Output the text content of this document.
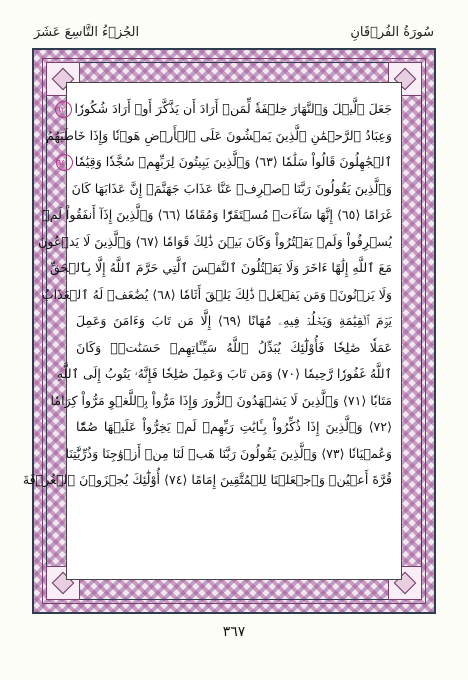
سُورَةُ الفُرۡقَانِ
الجُزۡءُ التَّاسِعَ عَشَرَ

جَعَلَ ٱلَّيۡلَ وَٱلنَّهَارَ خِلۡفَةٗ لِّمَنۡ أَرَادَ أَن يَذَّكَّرَ أَوۡ أَرَادَ شُكُورٗا٦٢

وَعِبَادُ ٱلرَّحۡمَٰنِ ٱلَّذِينَ يَمۡشُونَ عَلَى ٱلۡأَرۡضِ هَوۡنٗا وَإِذَا خَاطَبَهُمُ

ٱلۡجَٰهِلُونَ قَالُواْ سَلَٰمٗا ⟨٦٣⟩ وَٱلَّذِينَ يَبِيتُونَ لِرَبِّهِمۡ سُجَّدٗا وَقِيَٰمٗا٦٤

وَٱلَّذِينَ يَقُولُونَ رَبَّنَا ٱصۡرِفۡ عَنَّا عَذَابَ جَهَنَّمَۖ إِنَّ عَذَابَهَا كَانَ

غَرَامًا ⟨٦٥⟩ إِنَّهَا سَآءَتۡ مُسۡتَقَرّٗا وَمُقَامٗا ⟨٦٦⟩ وَٱلَّذِينَ إِذَآ أَنفَقُواْ لَمۡ

يُسۡرِفُواْ وَلَمۡ يَقۡتُرُواْ وَكَانَ بَيۡنَ ذَٰلِكَ قَوَامٗا ⟨٦٧⟩ وَٱلَّذِينَ لَا يَدۡعُونَ

مَعَ ٱللَّهِ إِلَٰهًا ءَاخَرَ وَلَا يَقۡتُلُونَ ٱلنَّفۡسَ ٱلَّتِي حَرَّمَ ٱللَّهُ إِلَّا بِٱلۡحَقِّ

وَلَا يَزۡنُونَۚ وَمَن يَفۡعَلۡ ذَٰلِكَ يَلۡقَ أَثَامٗا ⟨٦٨⟩ يُضَٰعَفۡ لَهُ ٱلۡعَذَابُ

يَوۡمَ ٱلۡقِيَٰمَةِ وَيَخۡلُدۡ فِيهِۦ مُهَانًا ⟨٦٩⟩ إِلَّا مَن تَابَ وَءَامَنَ وَعَمِلَ

عَمَلٗا صَٰلِحٗا فَأُوْلَٰٓئِكَ يُبَدِّلُ ٱللَّهُ سَيِّـَٔاتِهِمۡ حَسَنَٰتٖۗ وَكَانَ

ٱللَّهُ غَفُورٗا رَّحِيمٗا ⟨٧٠⟩ وَمَن تَابَ وَعَمِلَ صَٰلِحٗا فَإِنَّهُۥ يَتُوبُ إِلَى ٱللَّهِ

مَتَابٗا ⟨٧١⟩ وَٱلَّذِينَ لَا يَشۡهَدُونَ ٱلزُّورَ وَإِذَا مَرُّواْ بِٱللَّغۡوِ مَرُّواْ كِرَامٗا

⟨٧٢⟩ وَٱلَّذِينَ إِذَا ذُكِّرُواْ بِـَٔايَٰتِ رَبِّهِمۡ لَمۡ يَخِرُّواْ عَلَيۡهَا صُمّٗا

وَعُمۡيَانٗا ⟨٧٣⟩ وَٱلَّذِينَ يَقُولُونَ رَبَّنَا هَبۡ لَنَا مِنۡ أَزۡوَٰجِنَا وَذُرِّيَّٰتِنَا

قُرَّةَ أَعۡيُنٖ وَٱجۡعَلۡنَا لِلۡمُتَّقِينَ إِمَامًا ⟨٧٤⟩ أُوْلَٰٓئِكَ يُجۡزَوۡنَ ٱلۡغُرۡفَةَ

٣٦٧
